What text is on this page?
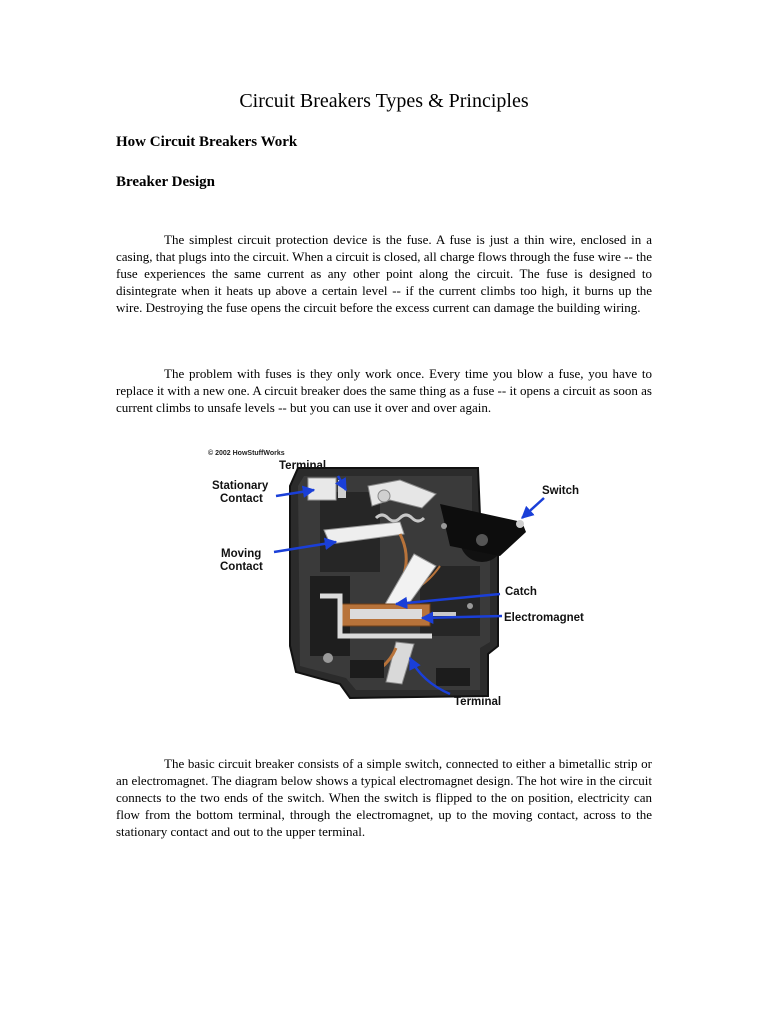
Circuit Breakers Types & Principles
How Circuit Breakers Work
Breaker Design

The simplest circuit protection device is the fuse. A fuse is just a thin wire, enclosed in a casing, that plugs into the circuit. When a circuit is closed, all charge flows through the fuse wire -- the fuse experiences the same current as any other point along the circuit. The fuse is designed to disintegrate when it heats up above a certain level -- if the current climbs too high, it burns up the wire. Destroying the fuse opens the circuit before the excess current can damage the building wiring.

The problem with fuses is they only work once. Every time you blow a fuse, you have to replace it with a new one. A circuit breaker does the same thing as a fuse -- it opens a circuit as soon as current climbs to unsafe levels -- but you can use it over and over again.

© 2002 HowStuffWorks
Terminal
Stationary
Contact
Switch
Moving
Contact
Catch
Electromagnet
Terminal

The basic circuit breaker consists of a simple switch, connected to either a bimetallic strip or an electromagnet. The diagram below shows a typical electromagnet design. The hot wire in the circuit connects to the two ends of the switch. When the switch is flipped to the on position, electricity can flow from the bottom terminal, through the electromagnet, up to the moving contact, across to the stationary contact and out to the upper terminal.
